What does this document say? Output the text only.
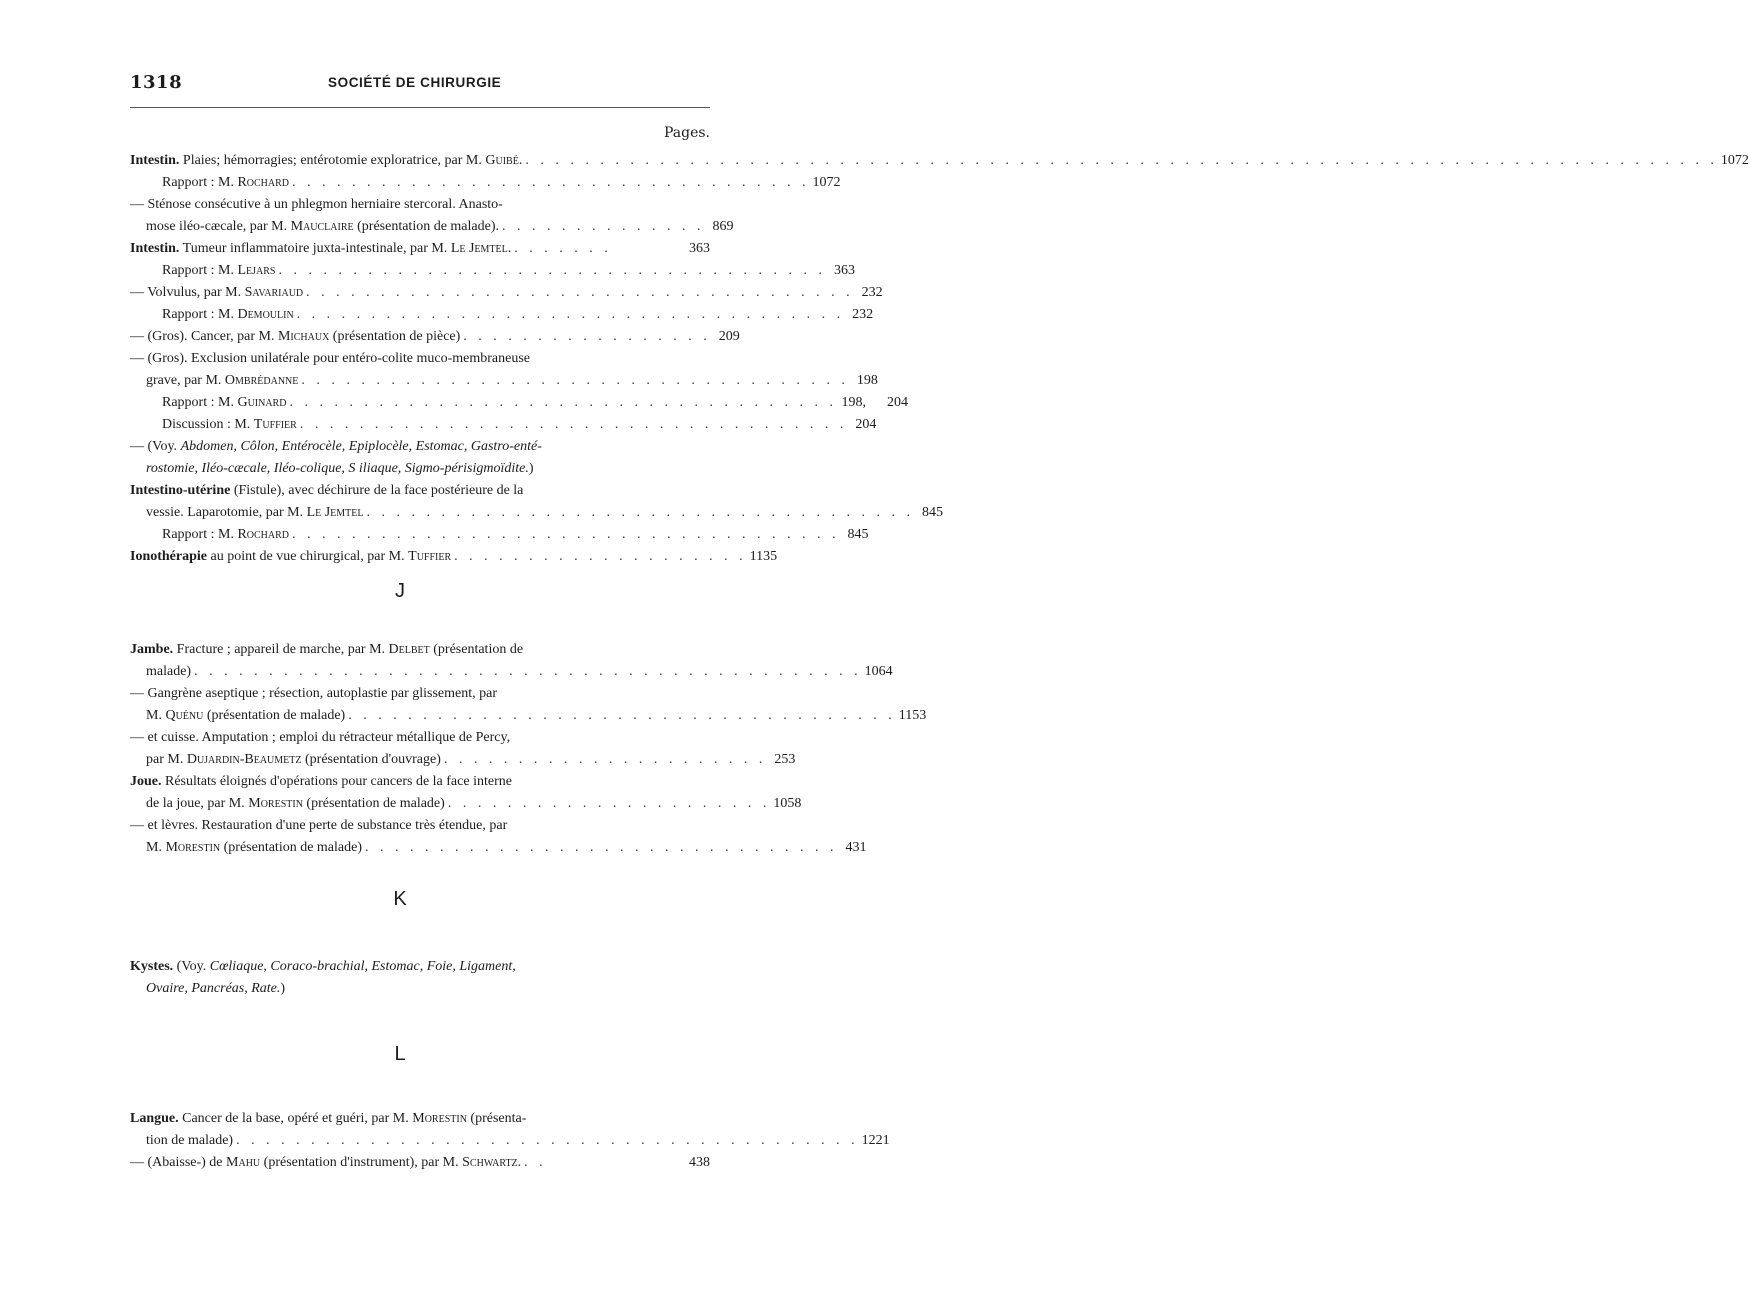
1318	SOCIÉTÉ DE CHIRURGIE
Pages.
Intestin. Plaies; hémorragies; entérotomie exploratrice, par M. Guibé. . . . . . . . . . . . . . . . . . . . . . . . . . . . . . . . . . . . . . . . . . . . . . . . . . . . . . . . . . . . . . . . . . . . . . . . . . . . . . . . . 1072
Rapport : M. Rochard . . . . . . . . . . . . . . . . . . . . . . . . . . . . . . . . . . . 1072
— Sténose consécutive à un phlegmon herniaire stercoral. Anasto-
mose iléo-cæcale, par M. Mauclaire (présentation de malade). . . . . . . . . . . . . . . 869
Intestin. Tumeur inflammatoire juxta-intestinale, par M. Le Jemtel. . . . . . . .	363
Rapport : M. Lejars . . . . . . . . . . . . . . . . . . . . . . . . . . . . . . . . . . . . . 363
— Volvulus, par M. Savariaud . . . . . . . . . . . . . . . . . . . . . . . . . . . . . . . . . . . . . 232
Rapport : M. Demoulin . . . . . . . . . . . . . . . . . . . . . . . . . . . . . . . . . . . . . 232
— (Gros). Cancer, par M. Michaux (présentation de pièce) . . . . . . . . . . . . . . . . . 209
— (Gros). Exclusion unilatérale pour entéro-colite muco-membraneuse
grave, par M. Ombrédanne . . . . . . . . . . . . . . . . . . . . . . . . . . . . . . . . . . . . . 198
Rapport : M. Guinard . . . . . . . . . . . . . . . . . . . . . . . . . . . . . . . . . . . . . 198,	204
Discussion : M. Tuffier . . . . . . . . . . . . . . . . . . . . . . . . . . . . . . . . . . . . . 204
— (Voy. Abdomen, Côlon, Entérocèle, Epiplocèle, Estomac, Gastro-enté-
rostomie, Iléo-cæcale, Iléo-colique, S iliaque, Sigmo-périsigmoïdite.)
Intestino-utérine (Fistule), avec déchirure de la face postérieure de la
vessie. Laparotomie, par M. Le Jemtel . . . . . . . . . . . . . . . . . . . . . . . . . . . . . . . . . . . . . 845
Rapport : M. Rochard . . . . . . . . . . . . . . . . . . . . . . . . . . . . . . . . . . . . . 845
Ionothérapie au point de vue chirurgical, par M. Tuffier . . . . . . . . . . . . . . . . . . . . 1135
J
Jambe. Fracture ; appareil de marche, par M. Delbet (présentation de
malade) . . . . . . . . . . . . . . . . . . . . . . . . . . . . . . . . . . . . . . . . . . . . . 1064
— Gangrène aseptique ; résection, autoplastie par glissement, par
M. Quénu (présentation de malade) . . . . . . . . . . . . . . . . . . . . . . . . . . . . . . . . . . . . . 1153
— et cuisse. Amputation ; emploi du rétracteur métallique de Percy,
par M. Dujardin-Beaumetz (présentation d'ouvrage) . . . . . . . . . . . . . . . . . . . . . . 253
Joue. Résultats éloignés d'opérations pour cancers de la face interne
de la joue, par M. Morestin (présentation de malade) . . . . . . . . . . . . . . . . . . . . . . 1058
— et lèvres. Restauration d'une perte de substance très étendue, par
M. Morestin (présentation de malade) . . . . . . . . . . . . . . . . . . . . . . . . . . . . . . . . 431
K
Kystes. (Voy. Cœliaque, Coraco-brachial, Estomac, Foie, Ligament,
Ovaire, Pancréas, Rate.)
L
Langue. Cancer de la base, opéré et guéri, par M. Morestin (présenta-
tion de malade) . . . . . . . . . . . . . . . . . . . . . . . . . . . . . . . . . . . . . . . . . . 1221
— (Abaisse-) de Mahu (présentation d'instrument), par M. Schwartz. . .	438
